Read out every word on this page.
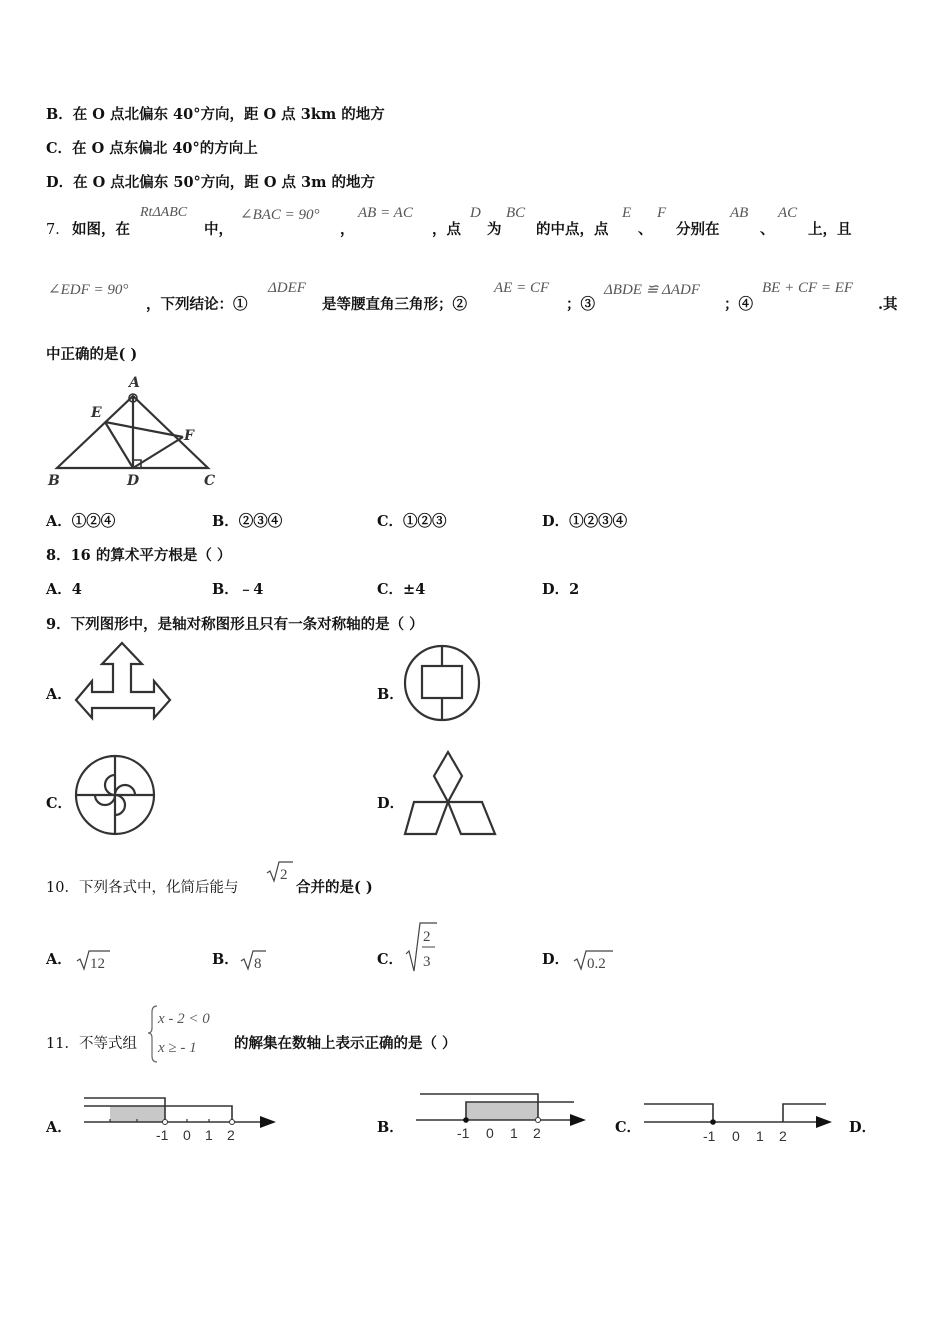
B．在 O 点北偏东 40°方向，距 O 点 3km 的地方
C．在 O 点东偏北 40°的方向上
D．在 O 点北偏东 50°方向，距 O 点 3m 的地方
7． 如图，在
RtΔABC
中，
∠BAC = 90°
，
AB = AC
，点
D
为
BC
的中点，点
E
、
F
分别在
AB
、
AC
上，且
∠EDF = 90°
，下列结论：①
ΔDEF
是等腰直角三角形；②
AE = CF
；③
ΔBDE ≌ ΔADF
；④
BE + CF = EF
.其
中正确的是( )
A
E
F
B	D	C
A．①②④	B．②③④	C．①②③	D．①②③④
8．16 的算术平方根是（ ）
A．4	B．﹣4	C．±4	D．2
9．下列图形中，是轴对称图形且只有一条对称轴的是（ ）
A．	B．
C．	D．
10．下列各式中，化简后能与
2
合并的是( )
A． 12	B． 8	C．
2
3	D． 0.2
11．不等式组
x - 2 < 0
x ≥ - 1	的解集在数轴上表示正确的是（ ）
A．	B．	C．	D．
-1 0 1 2	-1 0 1 2	-1 0 1 2
